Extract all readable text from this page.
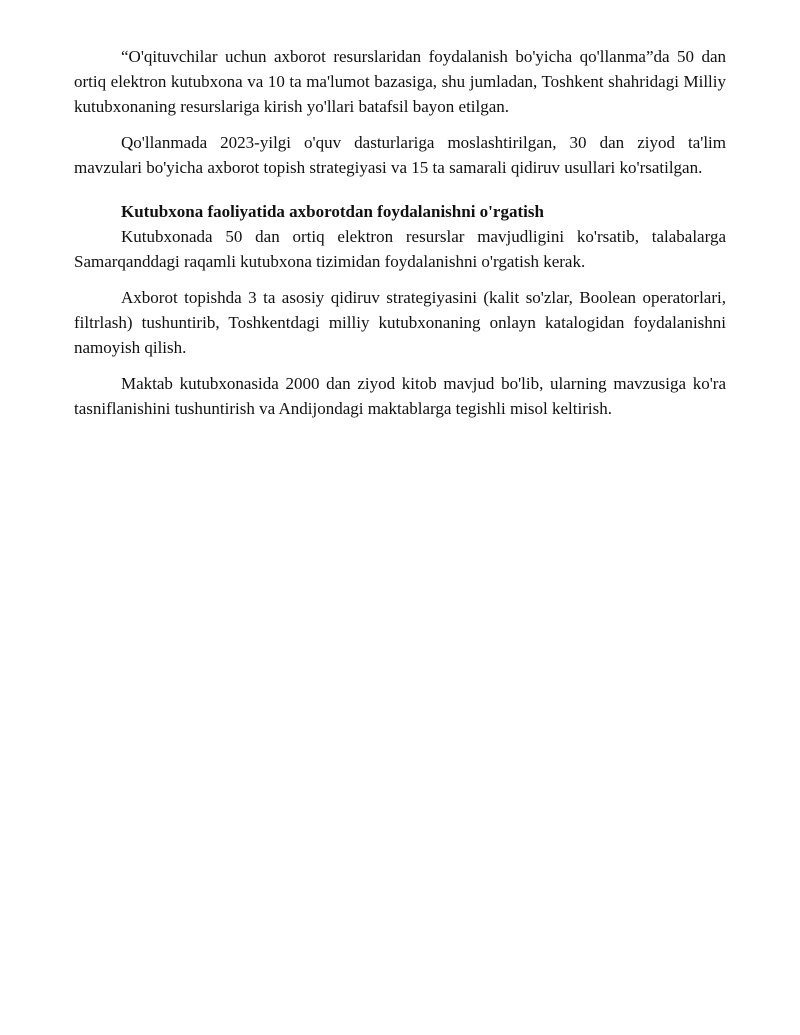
“O'qituvchilar uchun axborot resurslaridan foydalanish bo'yicha qo'llanma”da 50 dan ortiq elektron kutubxona va 10 ta ma'lumot bazasiga, shu jumladan, Toshkent shahridagi Milliy kutubxonaning resurslariga kirish yo'llari batafsil bayon etilgan.

Qo'llanmada 2023-yilgi o'quv dasturlariga moslashtirilgan, 30 dan ziyod ta'lim mavzulari bo'yicha axborot topish strategiyasi va 15 ta samarali qidiruv usullari ko'rsatilgan.

Kutubxona faoliyatida axborotdan foydalanishni o'rgatish

Kutubxonada 50 dan ortiq elektron resurslar mavjudligini ko'rsatib, talabalarga Samarqanddagi raqamli kutubxona tizimidan foydalanishni o'rgatish kerak.

Axborot topishda 3 ta asosiy qidiruv strategiyasini (kalit so'zlar, Boolean operatorlari, filtrlash) tushuntirib, Toshkentdagi milliy kutubxonaning onlayn katalogidan foydalanishni namoyish qilish.

Maktab kutubxonasida 2000 dan ziyod kitob mavjud bo'lib, ularning mavzusiga ko'ra tasniflanishini tushuntirish va Andijondagi maktablarga tegishli misol keltirish.
